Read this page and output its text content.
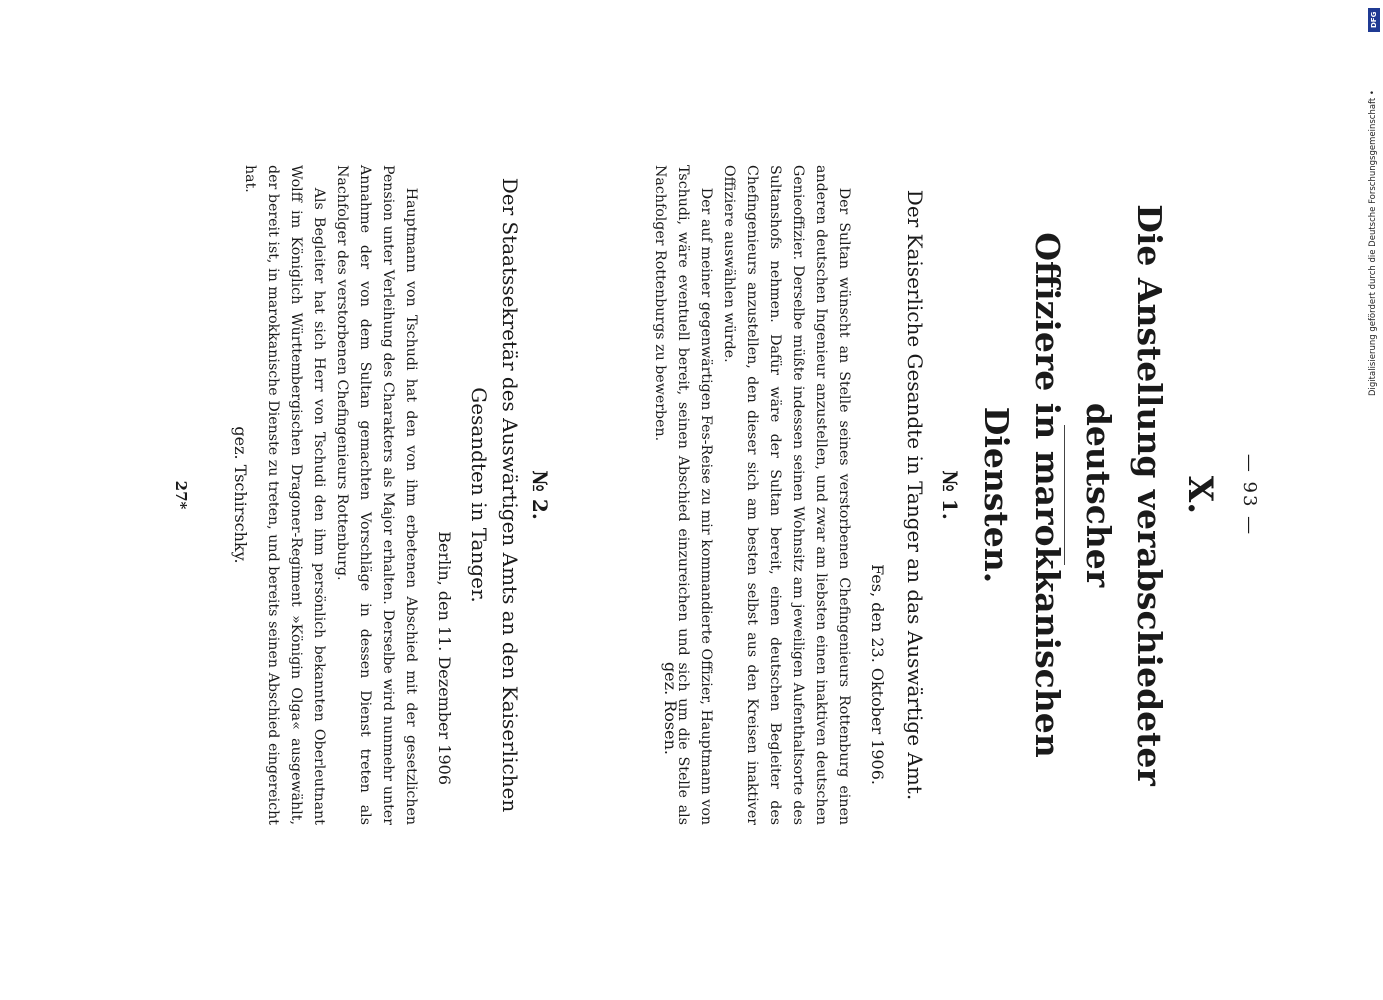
— 93 —
X.
Die Anstellung verabschiedeter deutscher
Offiziere in marokkanischen Diensten.
№ 1.
Der Kaiserliche Gesandte in Tanger an das Auswärtige Amt.
Fes, den 23. Oktober 1906.

Der Sultan wünscht an Stelle seines verstorbenen Chefingenieurs Rottenburg einen anderen deutschen Ingenieur anzustellen, und zwar am liebsten einen inaktiven deutschen Genieoffizier. Derselbe müßte indessen seinen Wohnsitz am jeweiligen Aufenthaltsorte des Sultanshofs nehmen. Dafür wäre der Sultan bereit, einen deutschen Begleiter des Chefingenieurs anzustellen, den dieser sich am besten selbst aus den Kreisen inaktiver Offiziere auswählen würde.

Der auf meiner gegenwärtigen Fes-Reise zu mir kommandierte Offizier, Hauptmann von Tschudi, wäre eventuell bereit, seinen Abschied einzureichen und sich um die Stelle als Nachfolger Rottenburgs zu bewerben.

gez. Rosen.
№ 2.
Der Staatssekretär des Auswärtigen Amts an den Kaiserlichen
Gesandten in Tanger.
Berlin, den 11. Dezember 1906

Hauptmann von Tschudi hat den von ihm erbetenen Abschied mit der gesetzlichen Pension unter Verleihung des Charakters als Major erhalten. Derselbe wird nunmehr unter Annahme der von dem Sultan gemachten Vorschläge in dessen Dienst treten als Nachfolger des verstorbenen Chefingenieurs Rottenburg.

Als Begleiter hat sich Herr von Tschudi den ihm persönlich bekannten Oberleutnant Wolff im Königlich Württembergischen Dragoner-Regiment »Königin Olga« ausgewählt, der bereit ist, in marokkanische Dienste zu treten, und bereits seinen Abschied eingereicht hat.

gez. Tschirschky.
27*
DFG
Digitalisierung gefördert durch die Deutsche Forschungsgemeinschaft •
